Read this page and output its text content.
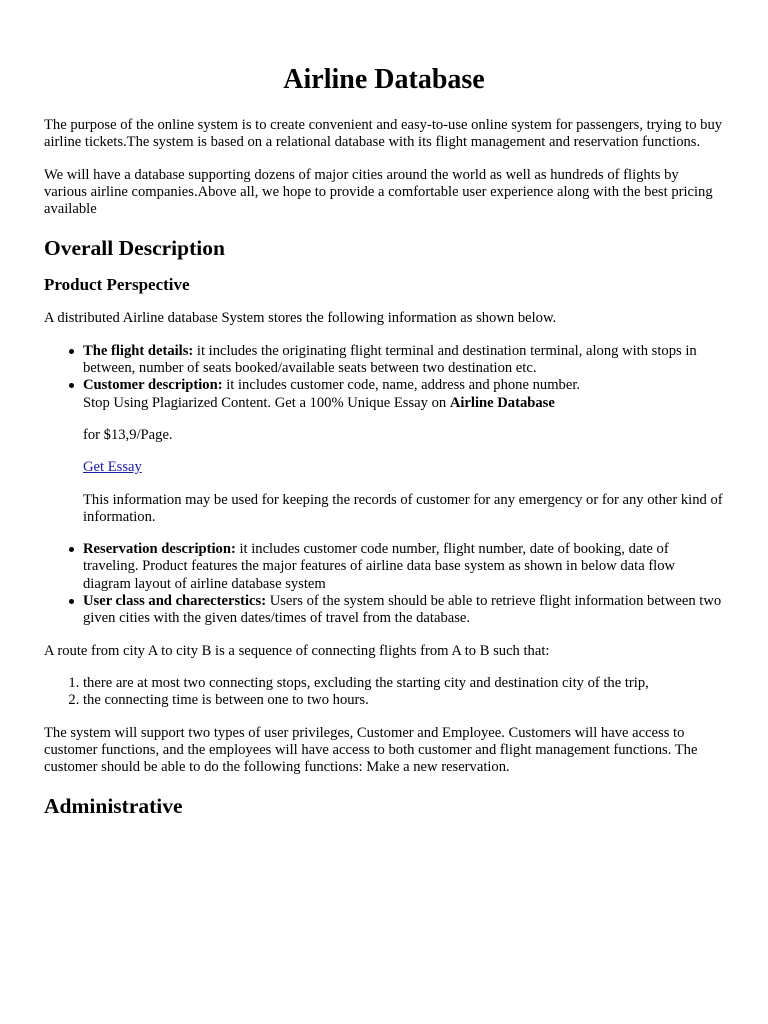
Airline Database

The purpose of the online system is to create convenient and easy-to-use online system for passengers, trying to buy airline tickets.The system is based on a relational database with its flight management and reservation functions.

We will have a database supporting dozens of major cities around the world as well as hundreds of flights by various airline companies.Above all, we hope to provide a comfortable user experience along with the best pricing available

Overall Description
Product Perspective

A distributed Airline database System stores the following information as shown below.

The flight details: it includes the originating flight terminal and destination terminal, along with stops in between, number of seats booked/available seats between two destination etc.
Customer description: it includes customer code, name, address and phone number.
Stop Using Plagiarized Content. Get a 100% Unique Essay on Airline Database

for $13,9/Page.

Get Essay

This information may be used for keeping the records of customer for any emergency or for any other kind of information.

Reservation description: it includes customer code number, flight number, date of booking, date of traveling. Product features the major features of airline data base system as shown in below data flow diagram layout of airline database system
User class and charecterstics: Users of the system should be able to retrieve flight information between two given cities with the given dates/times of travel from the database.

A route from city A to city B is a sequence of connecting flights from A to B such that:

1. there are at most two connecting stops, excluding the starting city and destination city of the trip,
2. the connecting time is between one to two hours.

The system will support two types of user privileges, Customer and Employee. Customers will have access to customer functions, and the employees will have access to both customer and flight management functions. The customer should be able to do the following functions: Make a new reservation.

Administrative
